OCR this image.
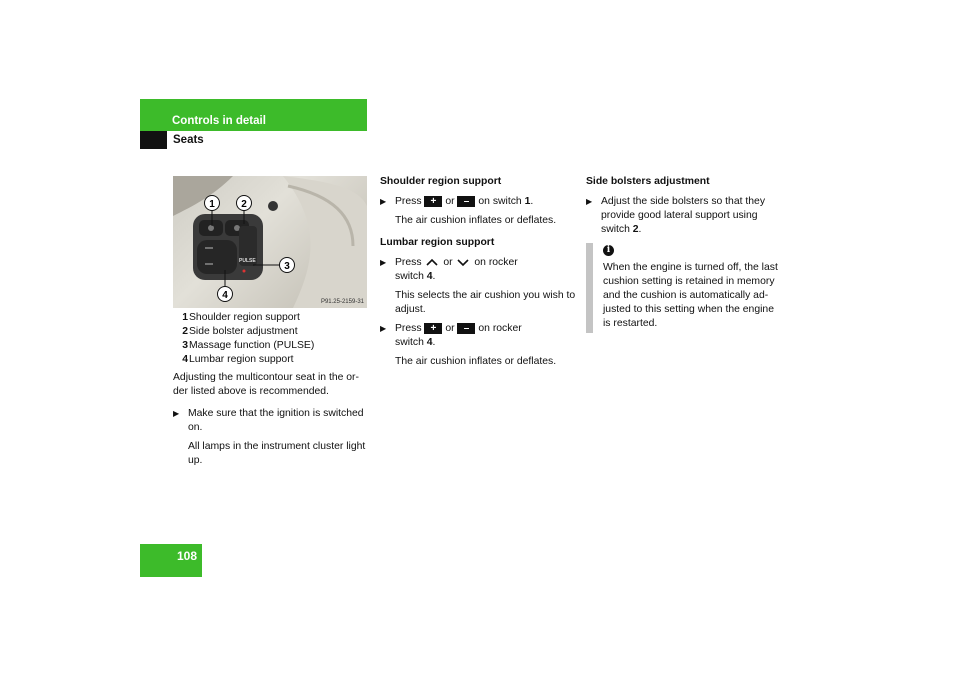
Controls in detail
Seats
PULSE
1	2
3
4
P91.25-2159-31
1 Shoulder region support
2 Side bolster adjustment
3 Massage function (PULSE)
4 Lumbar region support

Adjusting the multicontour seat in the or-der listed above is recommended.

▶ Make sure that the ignition is switched on.

All lamps in the instrument cluster light up.

Shoulder region support

▶ Press + or – on switch 1.

The air cushion inflates or deflates.

Lumbar region support

▶ Press or on rocker
switch 4.

This selects the air cushion you wish to adjust.

▶ Press + or – on rocker
switch 4.

The air cushion inflates or deflates.

Side bolsters adjustment

▶ Adjust the side bolsters so that they provide good lateral support using switch 2.

i
When the engine is turned off, the last cushion setting is retained in memory and the cushion is automatically ad-justed to this setting when the engine is restarted.
108
